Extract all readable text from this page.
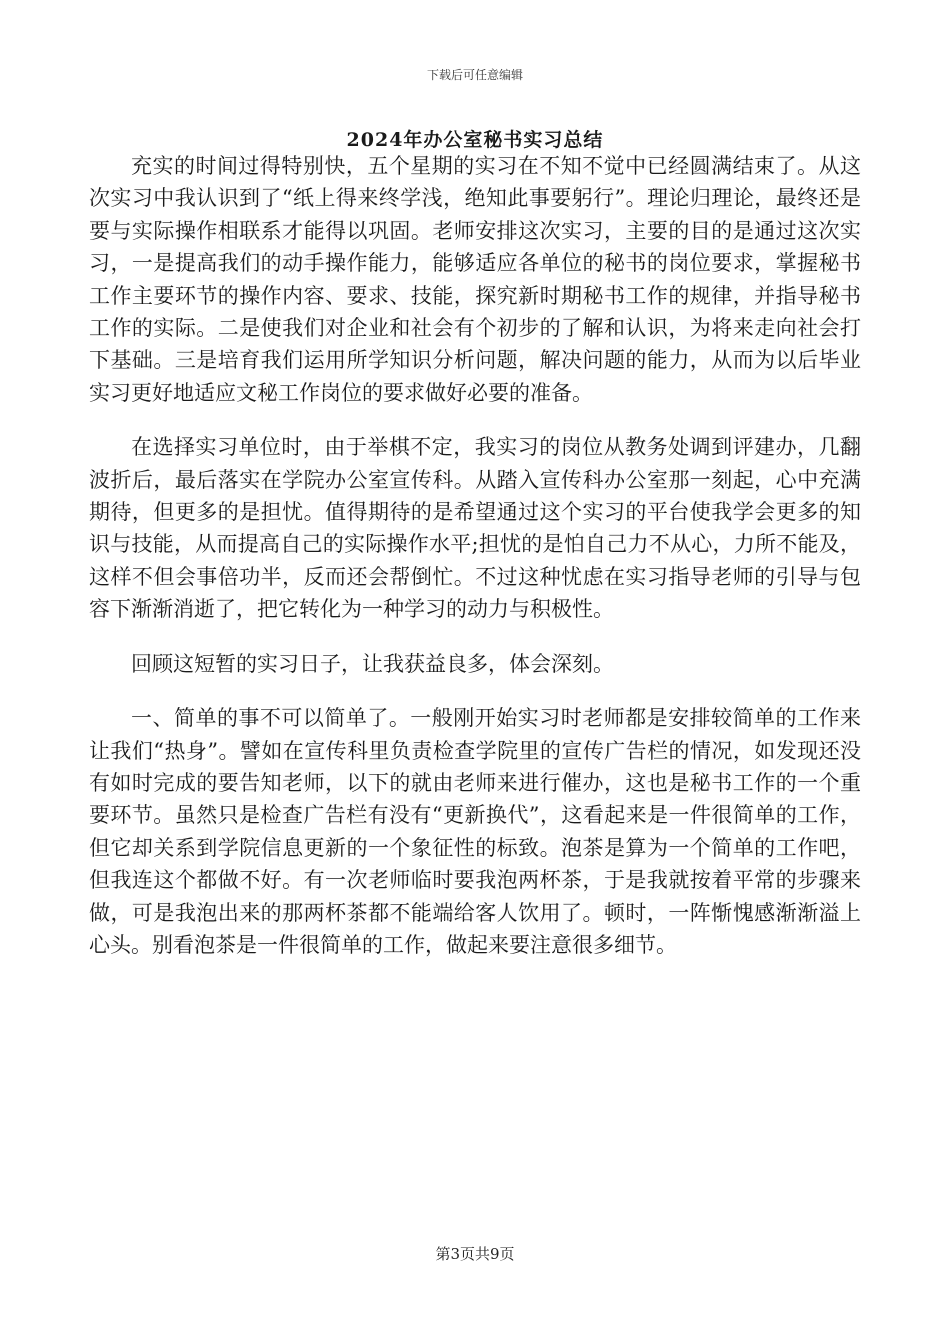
下载后可任意编辑
2024年办公室秘书实习总结

充实的时间过得特别快，五个星期的实习在不知不觉中已经圆满结束了。从这次实习中我认识到了“纸上得来终学浅，绝知此事要躬行”。理论归理论，最终还是要与实际操作相联系才能得以巩固。老师安排这次实习，主要的目的是通过这次实习，一是提高我们的动手操作能力，能够适应各单位的秘书的岗位要求，掌握秘书工作主要环节的操作内容、要求、技能，探究新时期秘书工作的规律，并指导秘书工作的实际。二是使我们对企业和社会有个初步的了解和认识，为将来走向社会打下基础。三是培育我们运用所学知识分析问题，解决问题的能力，从而为以后毕业实习更好地适应文秘工作岗位的要求做好必要的准备。

在选择实习单位时，由于举棋不定，我实习的岗位从教务处调到评建办，几翻波折后，最后落实在学院办公室宣传科。从踏入宣传科办公室那一刻起，心中充满期待，但更多的是担忧。值得期待的是希望通过这个实习的平台使我学会更多的知识与技能，从而提高自己的实际操作水平;担忧的是怕自己力不从心，力所不能及，这样不但会事倍功半，反而还会帮倒忙。不过这种忧虑在实习指导老师的引导与包容下渐渐消逝了，把它转化为一种学习的动力与积极性。

回顾这短暂的实习日子，让我获益良多，体会深刻。

一、简单的事不可以简单了。一般刚开始实习时老师都是安排较简单的工作来让我们“热身”。譬如在宣传科里负责检查学院里的宣传广告栏的情况，如发现还没有如时完成的要告知老师，以下的就由老师来进行催办，这也是秘书工作的一个重要环节。虽然只是检查广告栏有没有“更新换代”，这看起来是一件很简单的工作，但它却关系到学院信息更新的一个象征性的标致。泡茶是算为一个简单的工作吧，但我连这个都做不好。有一次老师临时要我泡两杯茶，于是我就按着平常的步骤来做，可是我泡出来的那两杯茶都不能端给客人饮用了。顿时，一阵惭愧感渐渐溢上心头。别看泡茶是一件很简单的工作，做起来要注意很多细节。

第3页共9页
